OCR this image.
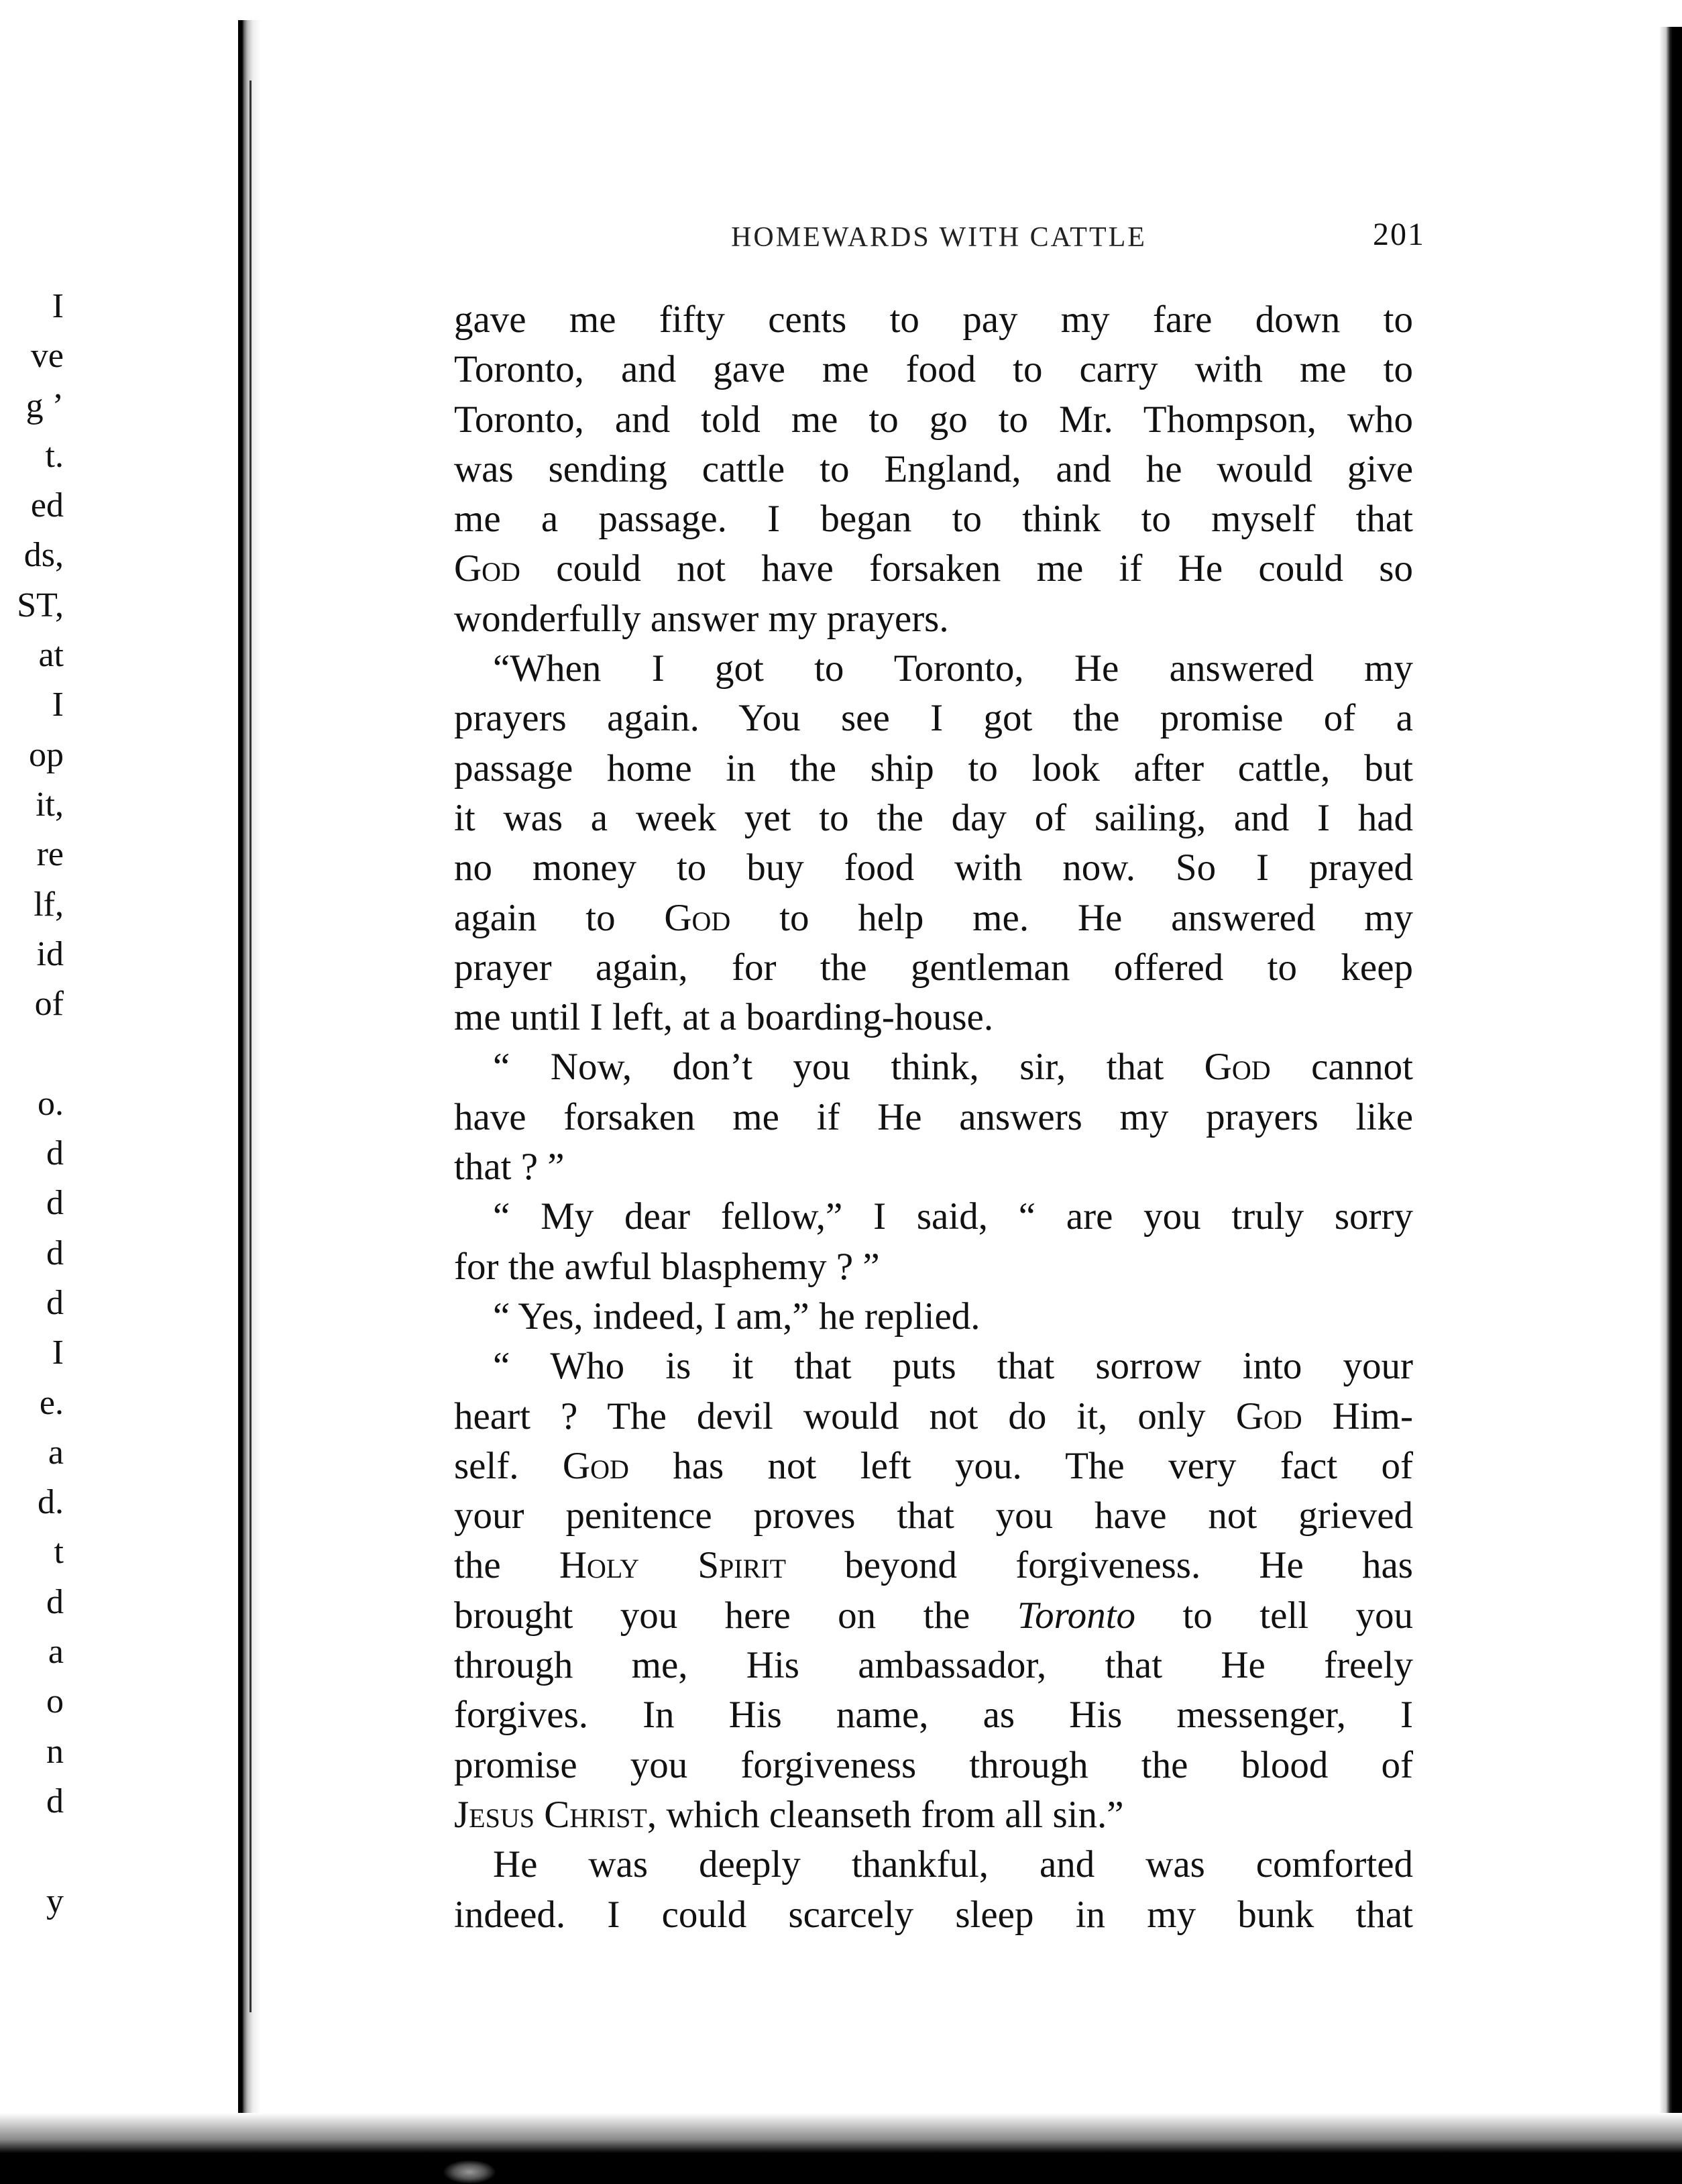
I
ve
g ’
t.
ed
ds,
ST,
at
I
op
it,
re
lf,
id
of
o.
d
d
d
d
I
e.
a
d.
t
d
a
o
n
d
y
HOMEWARDS WITH CATTLE	201
gave me fifty cents to pay my fare down to
Toronto, and gave me food to carry with me to
Toronto, and told me to go to Mr. Thompson, who
was sending cattle to England, and he would give
me a passage. I began to think to myself that
God could not have forsaken me if He could so
wonderfully answer my prayers.
“When I got to Toronto, He answered my
prayers again. You see I got the promise of a
passage home in the ship to look after cattle, but
it was a week yet to the day of sailing, and I had
no money to buy food with now. So I prayed
again to God to help me. He answered my
prayer again, for the gentleman offered to keep
me until I left, at a boarding-house.
“ Now, don’t you think, sir, that God cannot
have forsaken me if He answers my prayers like
that ? ”
“ My dear fellow,” I said, “ are you truly sorry
for the awful blasphemy ? ”
“ Yes, indeed, I am,” he replied.
“ Who is it that puts that sorrow into your
heart ? The devil would not do it, only God Him-
self. God has not left you. The very fact of
your penitence proves that you have not grieved
the Holy Spirit beyond forgiveness. He has
brought you here on the Toronto to tell you
through me, His ambassador, that He freely
forgives. In His name, as His messenger, I
promise you forgiveness through the blood of
Jesus Christ, which cleanseth from all sin.”
He was deeply thankful, and was comforted
indeed. I could scarcely sleep in my bunk that
